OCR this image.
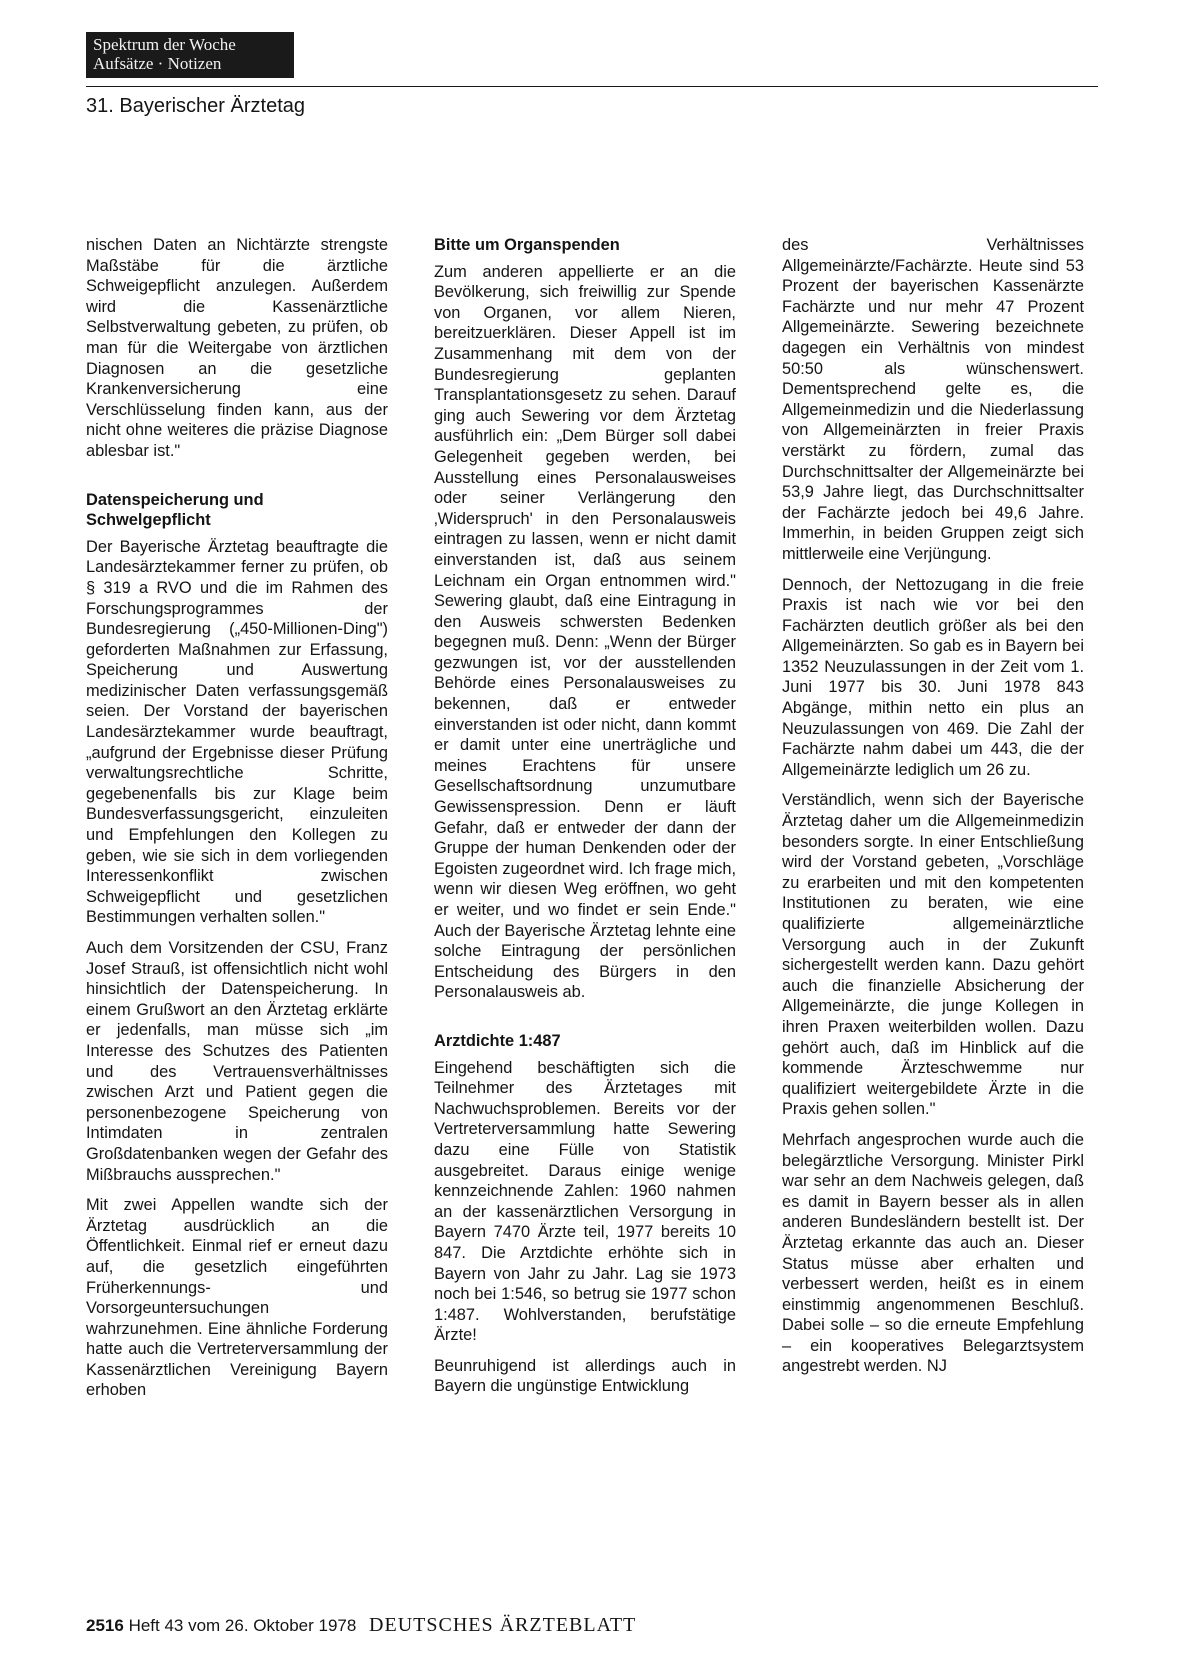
Spektrum der Woche
Aufsätze · Notizen
31. Bayerischer Ärztetag

nischen Daten an Nichtärzte strengste Maßstäbe für die ärztliche Schweigepflicht anzulegen. Außerdem wird die Kassenärztliche Selbstverwaltung gebeten, zu prüfen, ob man für die Weitergabe von ärztlichen Diagnosen an die gesetzliche Krankenversicherung eine Verschlüsselung finden kann, aus der nicht ohne weiteres die präzise Diagnose ablesbar ist."

Datenspeicherung und Schwelgepflicht

Der Bayerische Ärztetag beauftragte die Landesärztekammer ferner zu prüfen, ob § 319 a RVO und die im Rahmen des Forschungsprogrammes der Bundesregierung („450-Millionen-Ding") geforderten Maßnahmen zur Erfassung, Speicherung und Auswertung medizinischer Daten verfassungsgemäß seien. Der Vorstand der bayerischen Landesärztekammer wurde beauftragt, „aufgrund der Ergebnisse dieser Prüfung verwaltungsrechtliche Schritte, gegebenenfalls bis zur Klage beim Bundesverfassungsgericht, einzuleiten und Empfehlungen den Kollegen zu geben, wie sie sich in dem vorliegenden Interessenkonflikt zwischen Schweigepflicht und gesetzlichen Bestimmungen verhalten sollen."

Auch dem Vorsitzenden der CSU, Franz Josef Strauß, ist offensichtlich nicht wohl hinsichtlich der Datenspeicherung. In einem Grußwort an den Ärztetag erklärte er jedenfalls, man müsse sich „im Interesse des Schutzes des Patienten und des Vertrauensverhältnisses zwischen Arzt und Patient gegen die personenbezogene Speicherung von Intimdaten in zentralen Großdatenbanken wegen der Gefahr des Mißbrauchs aussprechen."

Mit zwei Appellen wandte sich der Ärztetag ausdrücklich an die Öffentlichkeit. Einmal rief er erneut dazu auf, die gesetzlich eingeführten Früherkennungs- und Vorsorgeuntersuchungen wahrzunehmen. Eine ähnliche Forderung hatte auch die Vertreterversammlung der Kassenärztlichen Vereinigung Bayern erhoben

Bitte um Organspenden

Zum anderen appellierte er an die Bevölkerung, sich freiwillig zur Spende von Organen, vor allem Nieren, bereitzuerklären. Dieser Appell ist im Zusammenhang mit dem von der Bundesregierung geplanten Transplantationsgesetz zu sehen. Darauf ging auch Sewering vor dem Ärztetag ausführlich ein: „Dem Bürger soll dabei Gelegenheit gegeben werden, bei Ausstellung eines Personalausweises oder seiner Verlängerung den ‚Widerspruch' in den Personalausweis eintragen zu lassen, wenn er nicht damit einverstanden ist, daß aus seinem Leichnam ein Organ entnommen wird." Sewering glaubt, daß eine Eintragung in den Ausweis schwersten Bedenken begegnen muß. Denn: „Wenn der Bürger gezwungen ist, vor der ausstellenden Behörde eines Personalausweises zu bekennen, daß er entweder einverstanden ist oder nicht, dann kommt er damit unter eine unerträgliche und meines Erachtens für unsere Gesellschaftsordnung unzumutbare Gewissenspression. Denn er läuft Gefahr, daß er entweder der dann der Gruppe der human Denkenden oder der Egoisten zugeordnet wird. Ich frage mich, wenn wir diesen Weg eröffnen, wo geht er weiter, und wo findet er sein Ende." Auch der Bayerische Ärztetag lehnte eine solche Eintragung der persönlichen Entscheidung des Bürgers in den Personalausweis ab.

Arztdichte 1:487

Eingehend beschäftigten sich die Teilnehmer des Ärztetages mit Nachwuchsproblemen. Bereits vor der Vertreterversammlung hatte Sewering dazu eine Fülle von Statistik ausgebreitet. Daraus einige wenige kennzeichnende Zahlen: 1960 nahmen an der kassenärztlichen Versorgung in Bayern 7470 Ärzte teil, 1977 bereits 10 847. Die Arztdichte erhöhte sich in Bayern von Jahr zu Jahr. Lag sie 1973 noch bei 1:546, so betrug sie 1977 schon 1:487. Wohlverstanden, berufstätige Ärzte!

Beunruhigend ist allerdings auch in Bayern die ungünstige Entwicklung

des Verhältnisses Allgemeinärzte/Fachärzte. Heute sind 53 Prozent der bayerischen Kassenärzte Fachärzte und nur mehr 47 Prozent Allgemeinärzte. Sewering bezeichnete dagegen ein Verhältnis von mindest 50:50 als wünschenswert. Dementsprechend gelte es, die Allgemeinmedizin und die Niederlassung von Allgemeinärzten in freier Praxis verstärkt zu fördern, zumal das Durchschnittsalter der Allgemeinärzte bei 53,9 Jahre liegt, das Durchschnittsalter der Fachärzte jedoch bei 49,6 Jahre. Immerhin, in beiden Gruppen zeigt sich mittlerweile eine Verjüngung.

Dennoch, der Nettozugang in die freie Praxis ist nach wie vor bei den Fachärzten deutlich größer als bei den Allgemeinärzten. So gab es in Bayern bei 1352 Neuzulassungen in der Zeit vom 1. Juni 1977 bis 30. Juni 1978 843 Abgänge, mithin netto ein plus an Neuzulassungen von 469. Die Zahl der Fachärzte nahm dabei um 443, die der Allgemeinärzte lediglich um 26 zu.

Verständlich, wenn sich der Bayerische Ärztetag daher um die Allgemeinmedizin besonders sorgte. In einer Entschließung wird der Vorstand gebeten, „Vorschläge zu erarbeiten und mit den kompetenten Institutionen zu beraten, wie eine qualifizierte allgemeinärztliche Versorgung auch in der Zukunft sichergestellt werden kann. Dazu gehört auch die finanzielle Absicherung der Allgemeinärzte, die junge Kollegen in ihren Praxen weiterbilden wollen. Dazu gehört auch, daß im Hinblick auf die kommende Ärzteschwemme nur qualifiziert weitergebildete Ärzte in die Praxis gehen sollen."

Mehrfach angesprochen wurde auch die belegärztliche Versorgung. Minister Pirkl war sehr an dem Nachweis gelegen, daß es damit in Bayern besser als in allen anderen Bundesländern bestellt ist. Der Ärztetag erkannte das auch an. Dieser Status müsse aber erhalten und verbessert werden, heißt es in einem einstimmig angenommenen Beschluß. Dabei solle – so die erneute Empfehlung – ein kooperatives Belegarztsystem angestrebt werden. NJ

2516 Heft 43 vom 26. Oktober 1978 DEUTSCHES ÄRZTEBLATT
